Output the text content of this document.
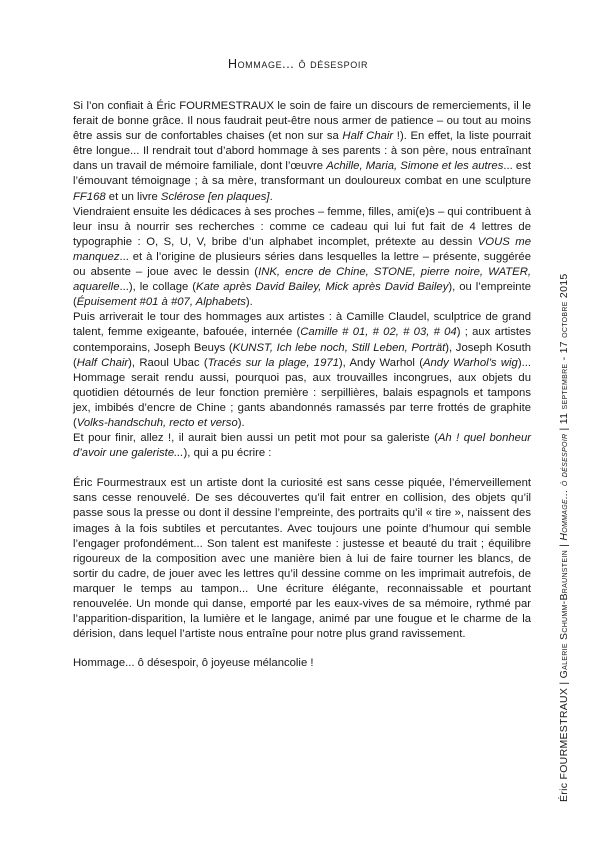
Hommage... ô désespoir

Si l’on confiait à Éric FOURMESTRAUX le soin de faire un discours de remerciements, il le ferait de bonne grâce. Il nous faudrait peut-être nous armer de patience – ou tout au moins être assis sur de confortables chaises (et non sur sa Half Chair !). En effet, la liste pourrait être longue... Il rendrait tout d’abord hommage à ses parents : à son père, nous entraînant dans un travail de mémoire familiale, dont l’œuvre Achille, Maria, Simone et les autres... est l’émouvant témoignage ; à sa mère, transformant un douloureux combat en une sculpture FF168 et un livre Sclérose [en plaques].

Viendraient ensuite les dédicaces à ses proches – femme, filles, ami(e)s – qui contribuent à leur insu à nourrir ses recherches : comme ce cadeau qui lui fut fait de 4 lettres de typographie : O, S, U, V, bribe d’un alphabet incomplet, prétexte au dessin VOUS me manquez... et à l’origine de plusieurs séries dans lesquelles la lettre – présente, suggérée ou absente – joue avec le dessin (INK, encre de Chine, STONE, pierre noire, WATER, aquarelle...), le collage (Kate après David Bailey, Mick après David Bailey), ou l’empreinte (Épuisement #01 à #07, Alphabets).

Puis arriverait le tour des hommages aux artistes : à Camille Claudel, sculptrice de grand talent, femme exigeante, bafouée, internée (Camille # 01, # 02, # 03, # 04) ; aux artistes contemporains, Joseph Beuys (KUNST, Ich lebe noch, Still Leben, Porträt), Joseph Kosuth (Half Chair), Raoul Ubac (Tracés sur la plage, 1971), Andy Warhol (Andy Warhol’s wig)... Hommage serait rendu aussi, pourquoi pas, aux trouvailles incongrues, aux objets du quotidien détournés de leur fonction première : serpillières, balais espagnols et tampons jex, imbibés d’encre de Chine ; gants abandonnés ramassés par terre frottés de graphite (Volks-handschuh, recto et verso).

Et pour finir, allez !, il aurait bien aussi un petit mot pour sa galeriste (Ah ! quel bonheur d’avoir une galeriste...), qui a pu écrire :

Éric Fourmestraux est un artiste dont la curiosité est sans cesse piquée, l’émerveillement sans cesse renouvelé. De ses découvertes qu’il fait entrer en collision, des objets qu’il passe sous la presse ou dont il dessine l’empreinte, des portraits qu’il « tire », naissent des images à la fois subtiles et percutantes. Avec toujours une pointe d’humour qui semble l’engager profondément... Son talent est manifeste : justesse et beauté du trait ; équilibre rigoureux de la composition avec une manière bien à lui de faire tourner les blancs, de sortir du cadre, de jouer avec les lettres qu’il dessine comme on les imprimait autrefois, de marquer le temps au tampon... Une écriture élégante, reconnaissable et pourtant renouvelée. Un monde qui danse, emporté par les eaux-vives de sa mémoire, rythmé par l’apparition-disparition, la lumière et le langage, animé par une fougue et le charme de la dérision, dans lequel l’artiste nous entraîne pour notre plus grand ravissement.

Hommage... ô désespoir, ô joyeuse mélancolie !

Éric FOURMESTRAUX | Galerie Schumm-Braunstein | Hommage... ô désespoir | 11 septembre - 17 octobre 2015
